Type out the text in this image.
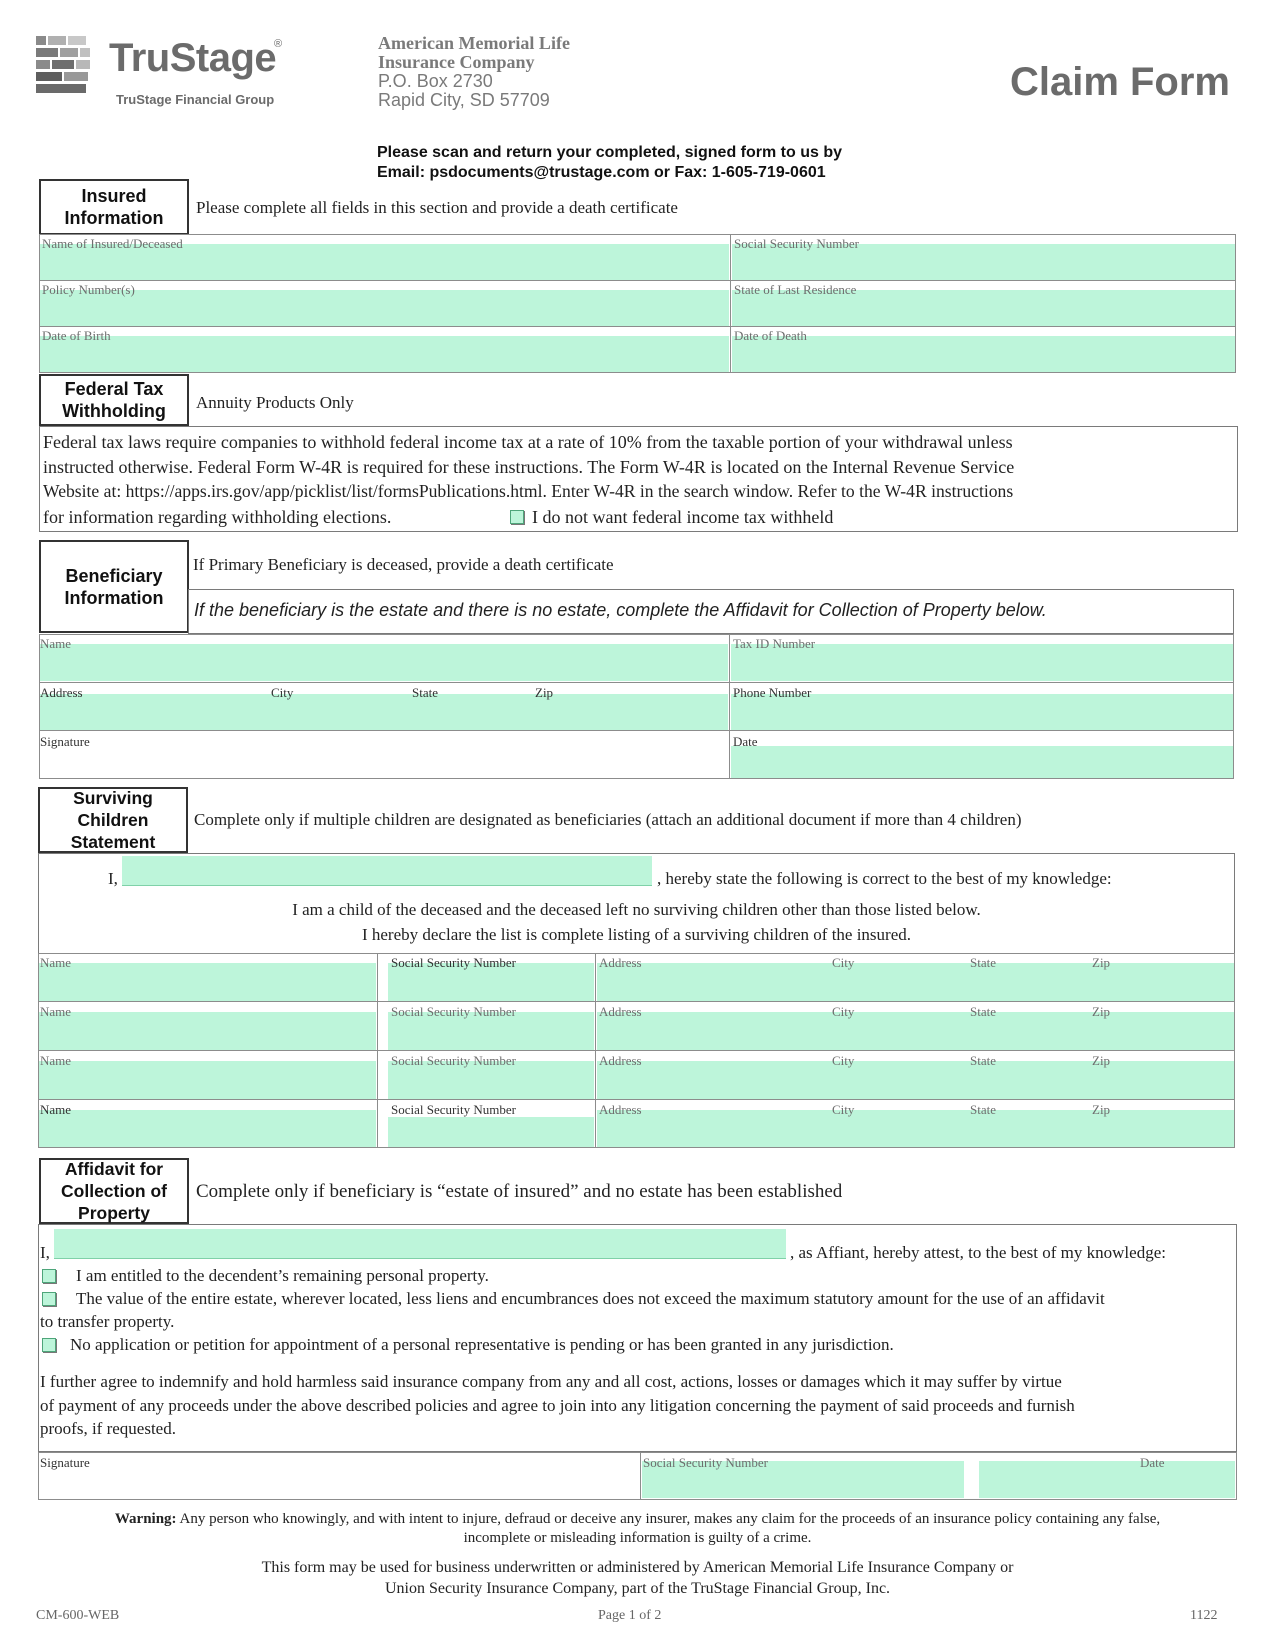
TruStage
®
TruStage Financial Group
American Memorial Life
Insurance Company
P.O. Box 2730
Rapid City, SD 57709	Claim Form
Please scan and return your completed, signed form to us by
Email: psdocuments@trustage.com or Fax: 1-605-719-0601
Insured Information
Please complete all fields in this section and provide a death certificate
Name of Insured/Deceased	Social Security Number
Policy Number(s)	State of Last Residence
Date of Birth	Date of Death
Federal Tax Withholding	Annuity Products Only
Federal tax laws require companies to withhold federal income tax at a rate of 10% from the taxable portion of your withdrawal unless
instructed otherwise. Federal Form W-4R is required for these instructions. The Form W-4R is located on the Internal Revenue Service
Website at: https://apps.irs.gov/app/picklist/list/formsPublications.html. Enter W-4R in the search window. Refer to the W-4R instructions
for information regarding withholding elections.	I do not want federal income tax withheld
Beneficiary Information
If Primary Beneficiary is deceased, provide a death certificate
If the beneficiary is the estate and there is no estate, complete the Affidavit for Collection of Property below.
Name	Tax ID Number
Address	City	State	Zip	Phone Number
Signature	Date
Surviving Children Statement
Complete only if multiple children are designated as beneficiaries (attach an additional document if more than 4 children)
I,	, hereby state the following is correct to the best of my knowledge:
I am a child of the deceased and the deceased left no surviving children other than those listed below.
I hereby declare the list is complete listing of a surviving children of the insured.
Name	Social Security Number	Address	City	State	Zip
Name	Social Security Number	Address	City	State	Zip
Name	Social Security Number	Address	City	State	Zip
Name	Social Security Number	Address	City	State	Zip
Affidavit for Collection of Property
Complete only if beneficiary is “estate of insured” and no estate has been established
I,	, as Affiant, hereby attest, to the best of my knowledge:
I am entitled to the decendent’s remaining personal property.
The value of the entire estate, wherever located, less liens and encumbrances does not exceed the maximum statutory amount for the use of an affidavit
to transfer property.
No application or petition for appointment of a personal representative is pending or has been granted in any jurisdiction.
I further agree to indemnify and hold harmless said insurance company from any and all cost, actions, losses or damages which it may suffer by virtue
of payment of any proceeds under the above described policies and agree to join into any litigation concerning the payment of said proceeds and furnish
proofs, if requested.
Signature	Social Security Number	Date
Warning: Any person who knowingly, and with intent to injure, defraud or deceive any insurer, makes any claim for the proceeds of an insurance policy containing any false,
incomplete or misleading information is guilty of a crime.
This form may be used for business underwritten or administered by American Memorial Life Insurance Company or
Union Security Insurance Company, part of the TruStage Financial Group, Inc.
CM-600-WEB	Page 1 of 2	1122
